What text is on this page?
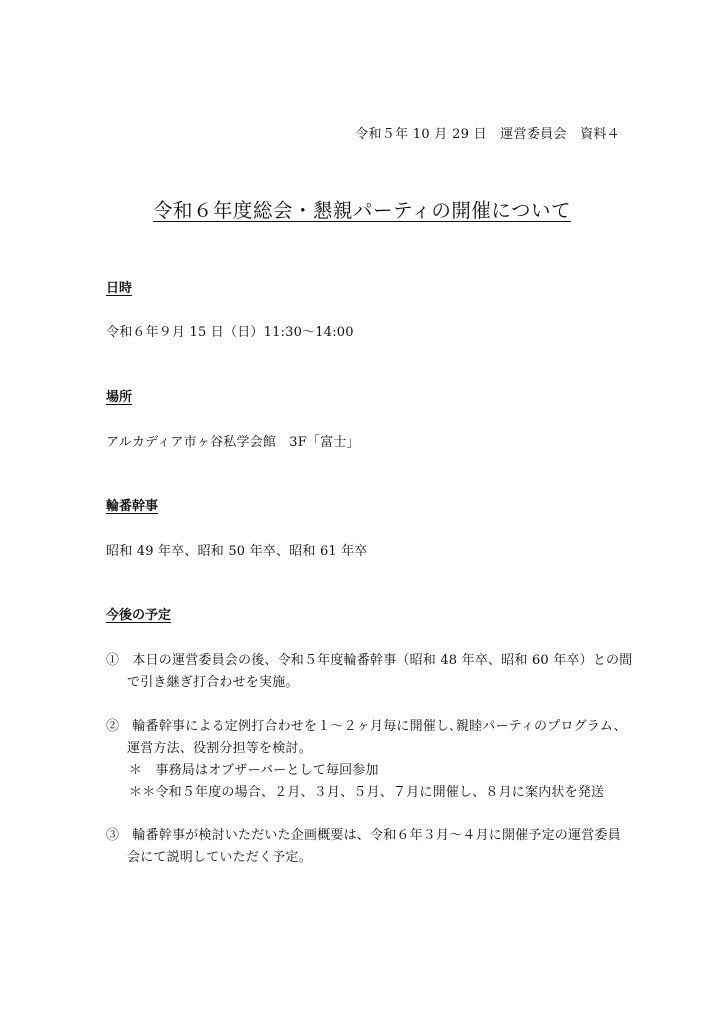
令和５年 10 月 29 日　運営委員会　資料４
令和６年度総会・懇親パーティの開催について
日時
令和６年９月 15 日（日）11:30〜14:00
場所
アルカディア市ヶ谷私学会館　3F「富士」
輪番幹事
昭和 49 年卒、昭和 50 年卒、昭和 61 年卒
今後の予定
①　本日の運営委員会の後、令和５年度輪番幹事（昭和 48 年卒、昭和 60 年卒）との間
で引き継ぎ打合わせを実施。
②　輪番幹事による定例打合わせを１〜２ヶ月毎に開催し､親睦パーティのプログラム、
運営方法、役割分担等を検討。
＊　事務局はオブザーバーとして毎回参加
＊＊令和５年度の場合、２月、３月、５月、７月に開催し、８月に案内状を発送
③　輪番幹事が検討いただいた企画概要は、令和６年３月〜４月に開催予定の運営委員
会にて説明していただく予定。
